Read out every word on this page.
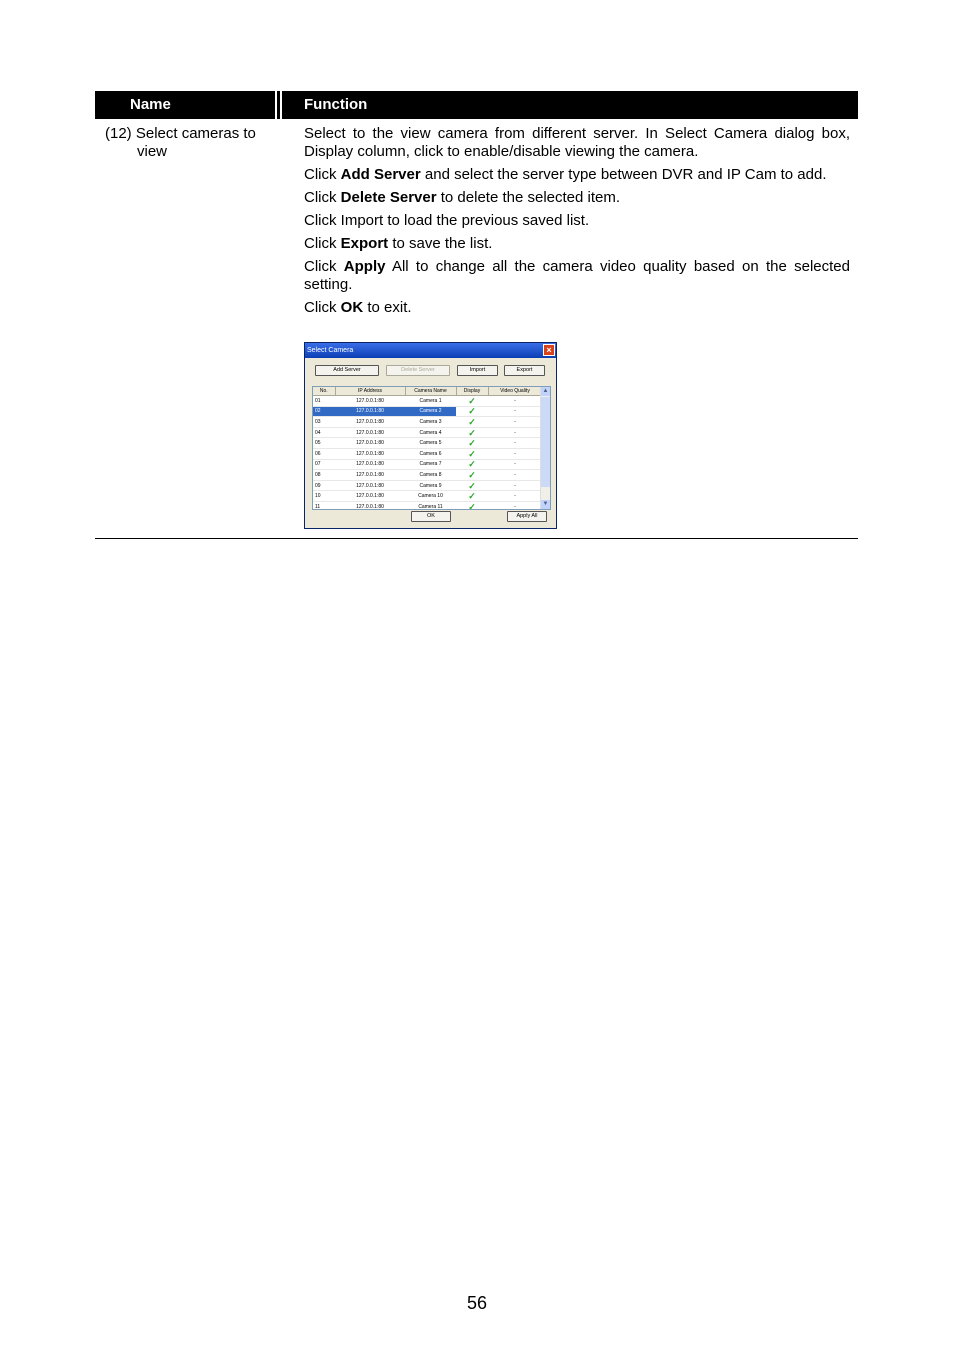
Name	Function
(12) Select cameras to
view

Select to the view camera from different server. In Select Camera dialog box, Display column, click to enable/disable viewing the camera.

Click Add Server and select the server type between DVR and IP Cam to add.

Click Delete Server to delete the selected item.

Click Import to load the previous saved list.

Click Export to save the list.

Click Apply All to change all the camera video quality based on the selected setting.

Click OK to exit.

Select Camera	×
Add Server	Delete Server	Import	Export
No.	IP Address	Camera Name	Display	Video Quality
01	127.0.0.1:80	Camera 1	✓	-
02	127.0.0.1:80	Camera 2	✓	-
03	127.0.0.1:80	Camera 3	✓	-
04	127.0.0.1:80	Camera 4	✓	-
05	127.0.0.1:80	Camera 5	✓	-
06	127.0.0.1:80	Camera 6	✓	-
07	127.0.0.1:80	Camera 7	✓	-
08	127.0.0.1:80	Camera 8	✓	-
09	127.0.0.1:80	Camera 9	✓	-
10	127.0.0.1:80	Camera 10	✓	-
11	127.0.0.1:80	Camera 11	✓	-

▲
▼
OK	Apply All
56
